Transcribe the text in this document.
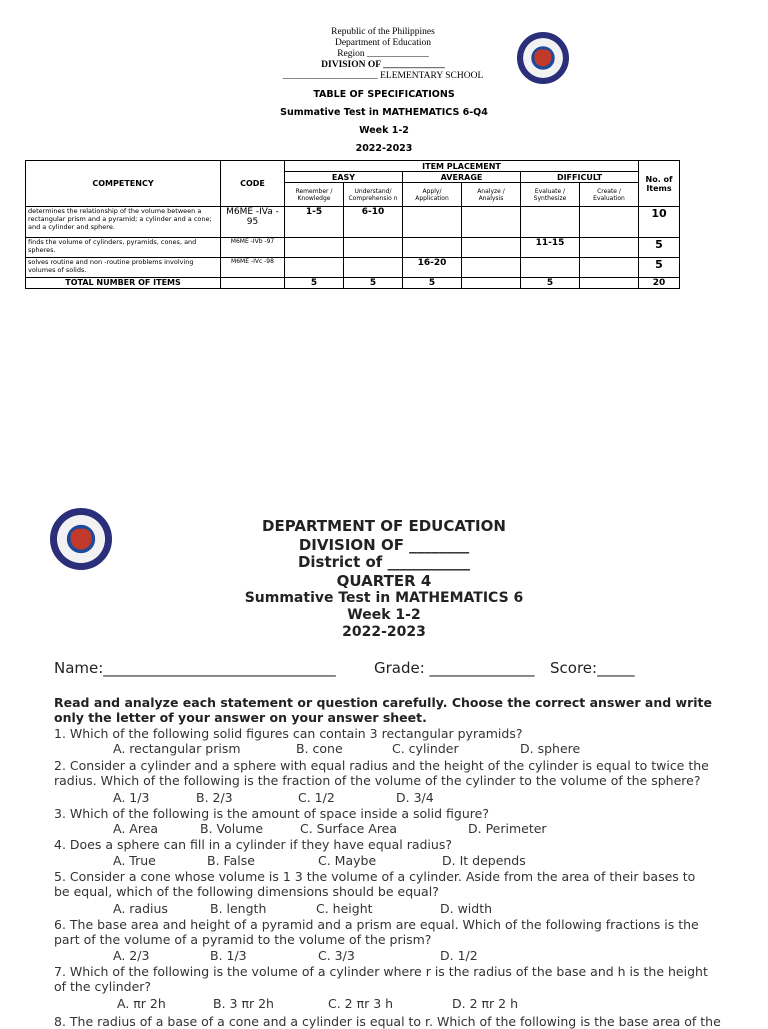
Republic of the Philippines
Department of Education
Region _____________
DIVISION OF _____________
____________________ ELEMENTARY SCHOOL
TABLE OF SPECIFICATIONS
Summative Test in MATHEMATICS 6-Q4
Week 1-2
2022-2023
COMPETENCY	CODE	ITEM PLACEMENT						No. of Items
		EASY		AVERAGE		DIFFICULT		
		Remember / Knowledge	Understand/ Comprehensio n	Apply/ Application	Analyze / Analysis	Evaluate / Synthesize	Create / Evaluation	
determines the relationship of the volume between a rectangular prism and a pyramid; a cylinder and a cone; and a cylinder and sphere.	M6ME -IVa - 95	1-5	6-10					10
finds the volume of cylinders, pyramids, cones, and spheres.	M6ME -IVb -97					11-15		5
solves routine and non -routine problems involving volumes of solids.	M6ME -IVc -98			16-20				5
TOTAL NUMBER OF ITEMS		5	5	5		5		20
DEPARTMENT OF EDUCATION
DIVISION OF ________
District of ___________
QUARTER 4
Summative Test in MATHEMATICS 6
Week 1-2
2022-2023
Name:_______________________________	Grade: ______________ Score:_____
Read and analyze each statement or question carefully. Choose the correct answer and write only the letter of your answer on your answer sheet.
1. Which of the following solid figures can contain 3 rectangular pyramids?
A. rectangular prism	B. cone	C. cylinder	D. sphere
2. Consider a cylinder and a sphere with equal radius and the height of the cylinder is equal to twice the radius. Which of the following is the fraction of the volume of the cylinder to the volume of the sphere?
A. 1/3	B. 2/3	C. 1/2	D. 3/4
3. Which of the following is the amount of space inside a solid figure?
A. Area	B. Volume	C. Surface Area	D. Perimeter
4. Does a sphere can fill in a cylinder if they have equal radius?
A. True	B. False	C. Maybe	D. It depends
5. Consider a cone whose volume is 1 3 the volume of a cylinder. Aside from the area of their bases to be equal, which of the following dimensions should be equal?
A. radius	B. length	C. height	D. width
6. The base area and height of a pyramid and a prism are equal. Which of the following fractions is the part of the volume of a pyramid to the volume of the prism?
A. 2/3	B. 1/3	C. 3/3	D. 1/2
7. Which of the following is the volume of a cylinder where r is the radius of the base and h is the height of the cylinder?
A. πr 2h	B. 3 πr 2h	C. 2 πr 3 h	D. 2 πr 2 h
8. The radius of a base of a cone and a cylinder is equal to r. Which of the following is the base area of the
